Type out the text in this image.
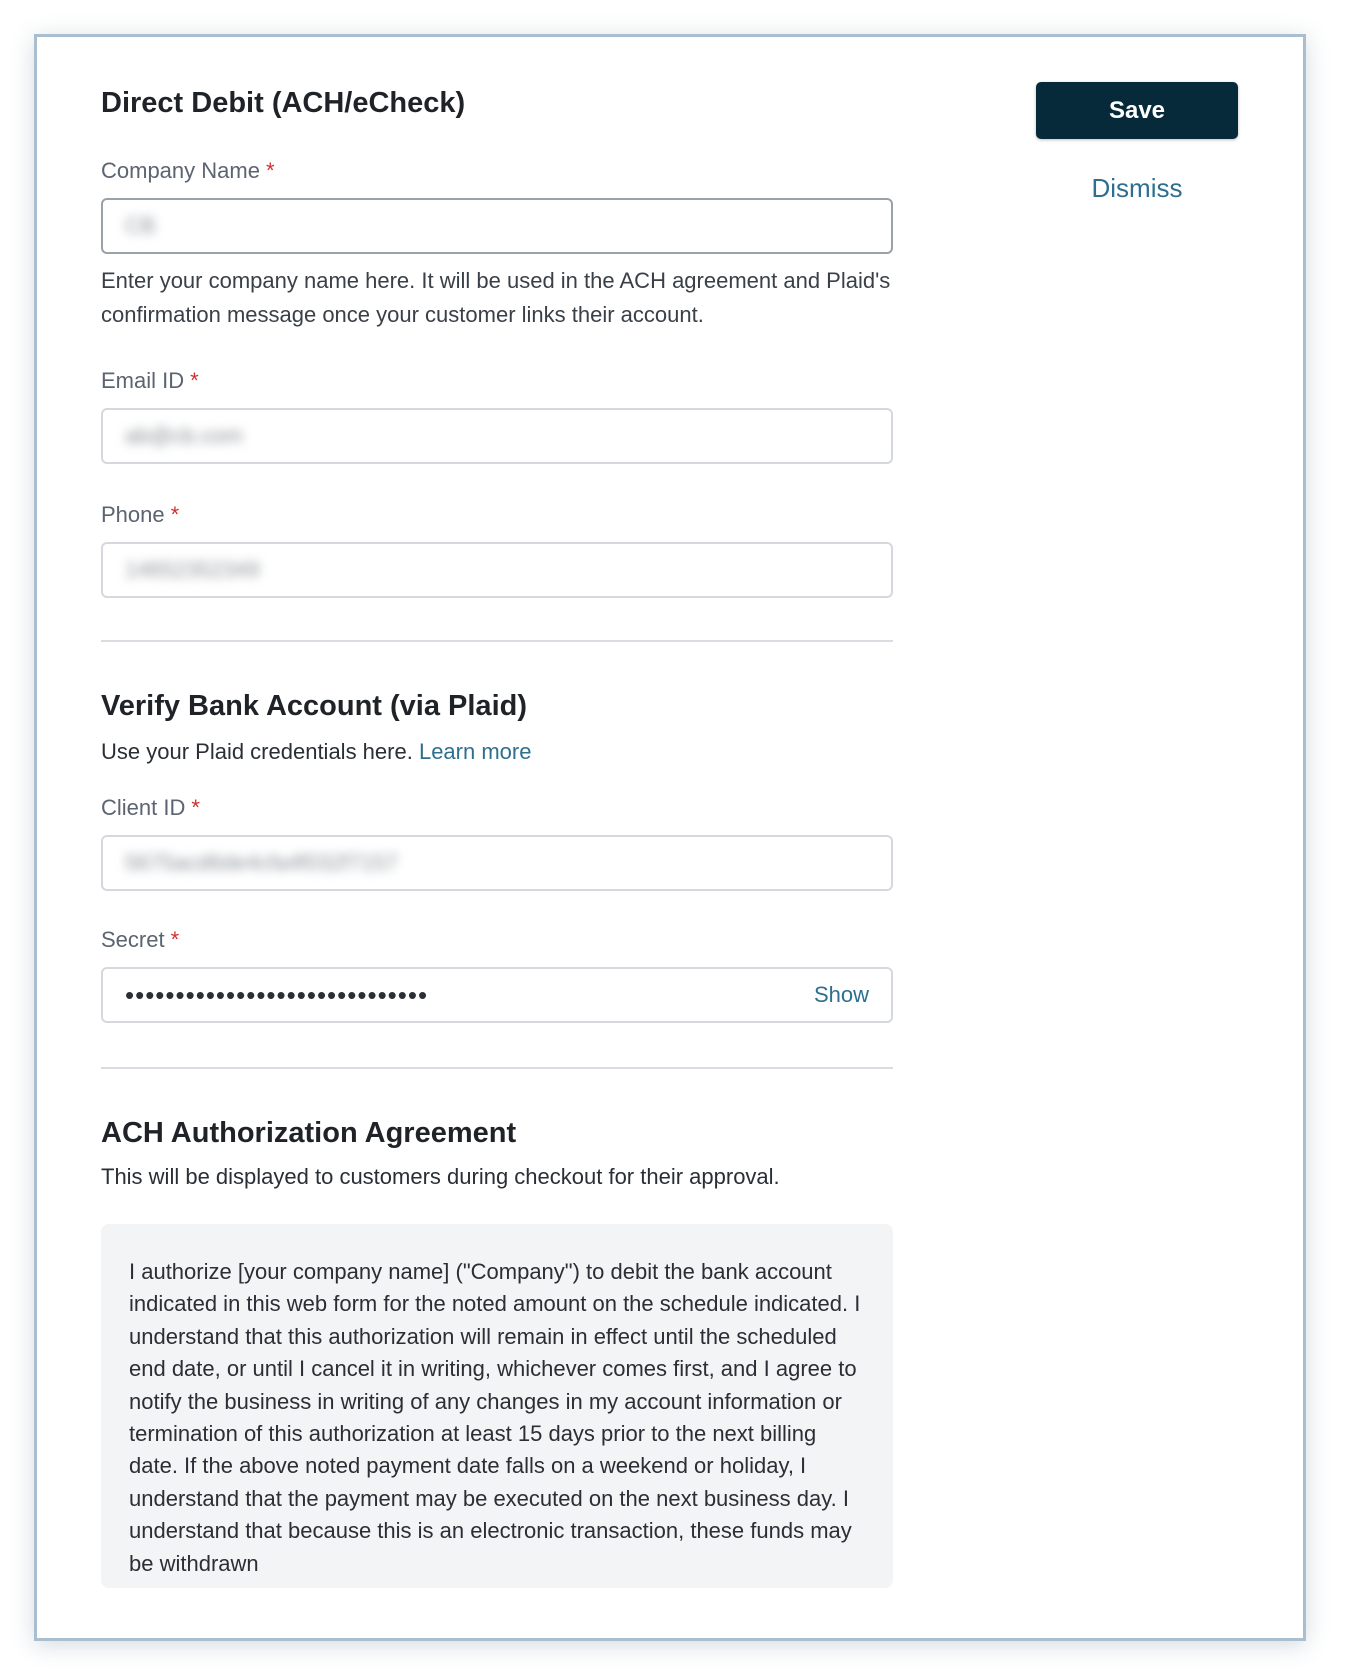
Direct Debit (ACH/eCheck)
Company Name *
CB
Enter your company name here. It will be used in the ACH agreement and Plaid's confirmation message once your customer links their account.
Email ID *
ab@cb.com
Phone *
14652352349
Verify Bank Account (via Plaid)
Use your Plaid credentials here. Learn more
Client ID *
5675acd6de4cfa4f032f7157
Secret *
••••••••••••••••••••••••••••••	Show
ACH Authorization Agreement
This will be displayed to customers during checkout for their approval.

I authorize [your company name] ("Company") to debit the bank account indicated in this web form for the noted amount on the schedule indicated. I understand that this authorization will remain in effect until the scheduled end date, or until I cancel it in writing, whichever comes first, and I agree to notify the business in writing of any changes in my account information or termination of this authorization at least 15 days prior to the next billing date. If the above noted payment date falls on a weekend or holiday, I understand that the payment may be executed on the next business day. I understand that because this is an electronic transaction, these funds may be withdrawn

Save
Dismiss
